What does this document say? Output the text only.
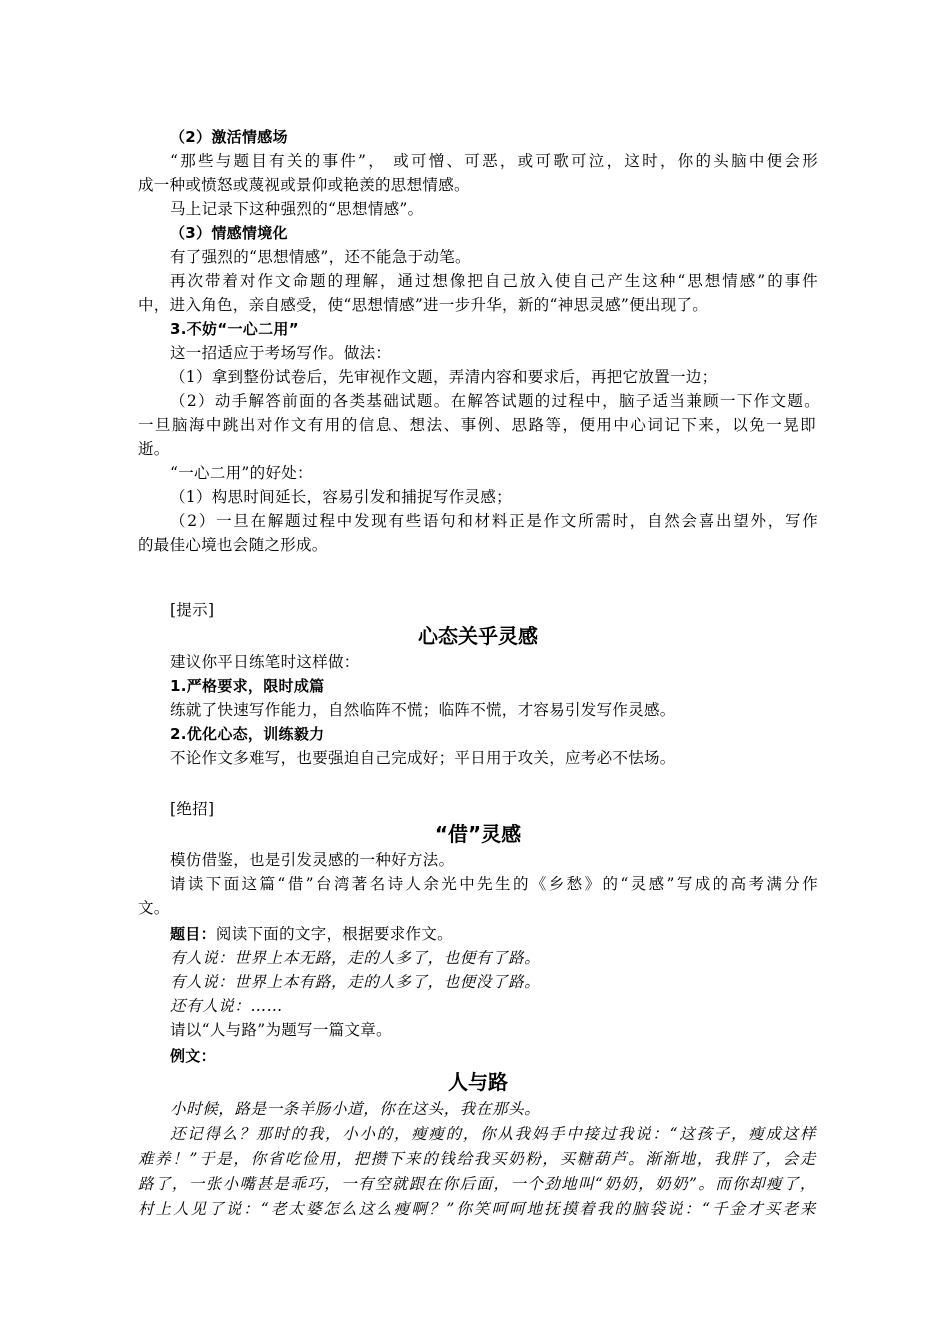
（2）激活情感场
“那些与题目有关的事件”， 或可憎、可恶，或可歌可泣，这时，你的头脑中便会形
成一种或愤怒或蔑视或景仰或艳羡的思想情感。
马上记录下这种强烈的“思想情感”。
（3）情感情境化
有了强烈的“思想情感”，还不能急于动笔。
再次带着对作文命题的理解，通过想像把自己放入使自己产生这种“思想情感”的事件
中，进入角色，亲自感受，使“思想情感”进一步升华，新的“神思灵感”便出现了。
3.不妨“一心二用”
这一招适应于考场写作。做法：
（1）拿到整份试卷后，先审视作文题，弄清内容和要求后，再把它放置一边；
（2）动手解答前面的各类基础试题。在解答试题的过程中，脑子适当兼顾一下作文题。
一旦脑海中跳出对作文有用的信息、想法、事例、思路等，便用中心词记下来，以免一晃即
逝。
“一心二用”的好处：
（1）构思时间延长，容易引发和捕捉写作灵感；
（2）一旦在解题过程中发现有些语句和材料正是作文所需时，自然会喜出望外，写作
的最佳心境也会随之形成。
[提示]
心态关乎灵感
建议你平日练笔时这样做：
1.严格要求，限时成篇
练就了快速写作能力，自然临阵不慌；临阵不慌，才容易引发写作灵感。
2.优化心态，训练毅力
不论作文多难写，也要强迫自己完成好；平日用于攻关，应考必不怯场。
[绝招]
“借”灵感
模仿借鉴，也是引发灵感的一种好方法。
请读下面这篇“借”台湾著名诗人余光中先生的《乡愁》的“灵感”写成的高考满分作
文。
题目：阅读下面的文字，根据要求作文。
有人说：世界上本无路，走的人多了，也便有了路。
有人说：世界上本有路，走的人多了，也便没了路。
还有人说：……
请以“人与路”为题写一篇文章。
例文：
人与路
小时候，路是一条羊肠小道，你在这头，我在那头。
还记得么？那时的我，小小的，瘦瘦的，你从我妈手中接过我说：“这孩子，瘦成这样
难养！”于是，你省吃俭用，把攒下来的钱给我买奶粉，买糖葫芦。渐渐地，我胖了，会走
路了，一张小嘴甚是乖巧，一有空就跟在你后面，一个劲地叫“奶奶，奶奶”。而你却瘦了，
村上人见了说：“老太婆怎么这么瘦啊？”你笑呵呵地抚摸着我的脑袋说：“千金才买老来
